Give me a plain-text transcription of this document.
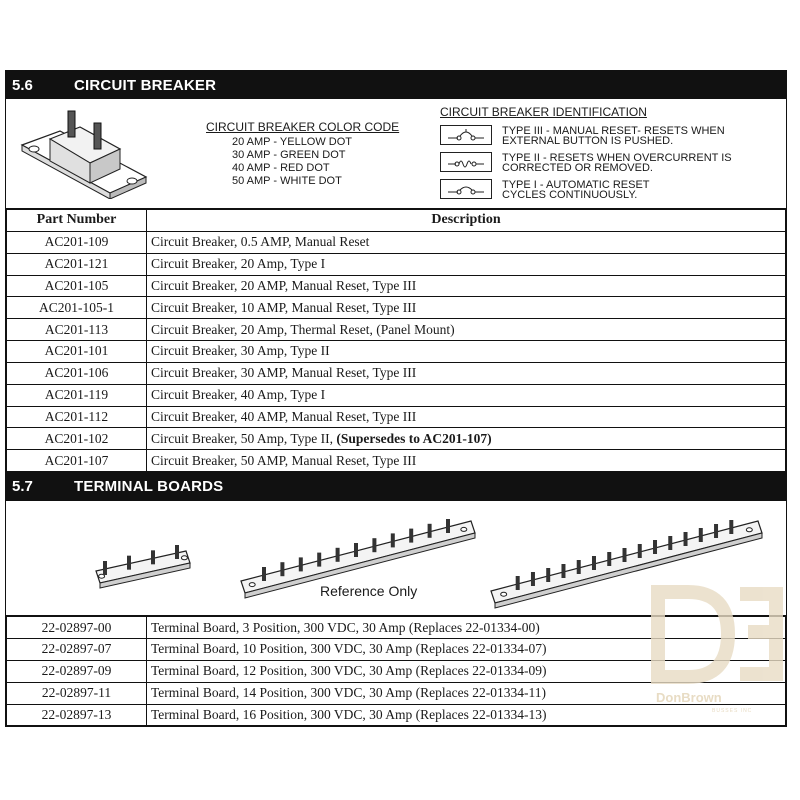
5.6	CIRCUIT BREAKER
CIRCUIT BREAKER COLOR CODE
20 AMP - YELLOW DOT
30 AMP - GREEN DOT
40 AMP - RED DOT
50 AMP - WHITE DOT
CIRCUIT BREAKER IDENTIFICATION
TYPE III - MANUAL RESET- RESETS WHEN
EXTERNAL BUTTON IS PUSHED.
TYPE II - RESETS WHEN OVERCURRENT IS
CORRECTED OR REMOVED.
TYPE I - AUTOMATIC RESET
CYCLES CONTINUOUSLY.
Part Number	Description
AC201-109	Circuit Breaker, 0.5 AMP, Manual Reset
AC201-121	Circuit Breaker, 20 Amp, Type I
AC201-105	Circuit Breaker, 20 AMP, Manual Reset, Type III
AC201-105-1	Circuit Breaker, 10 AMP, Manual Reset, Type III
AC201-113	Circuit Breaker, 20 Amp, Thermal Reset, (Panel Mount)
AC201-101	Circuit Breaker, 30 Amp, Type II
AC201-106	Circuit Breaker, 30 AMP, Manual Reset, Type III
AC201-119	Circuit Breaker, 40 Amp, Type I
AC201-112	Circuit Breaker, 40 AMP, Manual Reset, Type III
AC201-102	Circuit Breaker, 50 Amp, Type II, (Supersedes to AC201-107)
AC201-107	Circuit Breaker, 50 AMP, Manual Reset, Type III
5.7	TERMINAL BOARDS
Reference Only
22-02897-00	Terminal Board, 3 Position, 300 VDC, 30 Amp (Replaces 22-01334-00)
22-02897-07	Terminal Board, 10 Position, 300 VDC, 30 Amp (Replaces 22-01334-07)
22-02897-09	Terminal Board, 12 Position, 300 VDC, 30 Amp (Replaces 22-01334-09)
22-02897-11	Terminal Board, 14 Position, 300 VDC, 30 Amp (Replaces 22-01334-11)
22-02897-13	Terminal Board, 16 Position, 300 VDC, 30 Amp (Replaces 22-01334-13)
DonBrown
BUSSES INC
